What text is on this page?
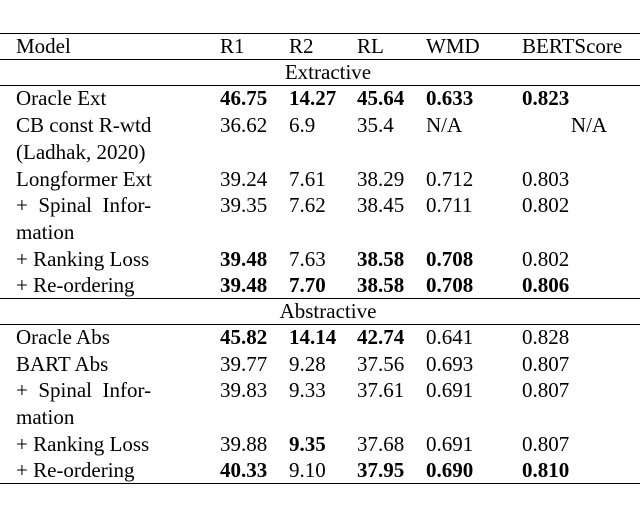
Model	R1	R2	RL	WMD	BERTScore
Extractive					
Oracle Ext	46.75	14.27	45.64	0.633	0.823
CB const R-wtd
(Ladhak, 2020)	36.62	6.9	35.4	N/A	N/A
Longformer Ext	39.24	7.61	38.29	0.712	0.803
+  Spinal  Infor-
mation	39.35	7.62	38.45	0.711	0.802
+ Ranking Loss	39.48	7.63	38.58	0.708	0.802
+ Re-ordering	39.48	7.70	38.58	0.708	0.806
Abstractive					
Oracle Abs	45.82	14.14	42.74	0.641	0.828
BART Abs	39.77	9.28	37.56	0.693	0.807
+  Spinal  Infor-
mation	39.83	9.33	37.61	0.691	0.807
+ Ranking Loss	39.88	9.35	37.68	0.691	0.807
+ Re-ordering	40.33	9.10	37.95	0.690	0.810
